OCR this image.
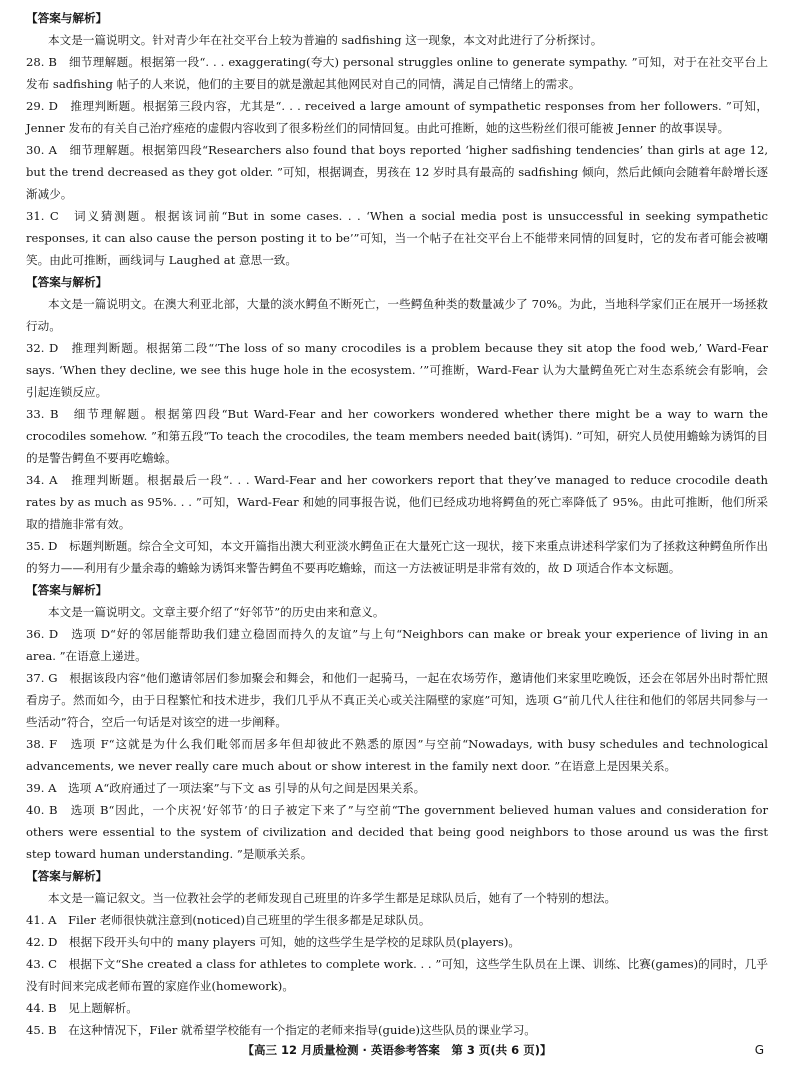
【答案与解析】

本文是一篇说明文。针对青少年在社交平台上较为普遍的 sadfishing 这一现象，本文对此进行了分析探讨。

28. B　细节理解题。根据第一段“. . . exaggerating(夸大) personal struggles online to generate sympathy. ”可知，对于在社交平台上发布 sadfishing 帖子的人来说，他们的主要目的就是激起其他网民对自己的同情，满足自己情绪上的需求。

29. D　推理判断题。根据第三段内容，尤其是“. . . received a large amount of sympathetic responses from her followers. ”可知，Jenner 发布的有关自己治疗痤疮的虚假内容收到了很多粉丝们的同情回复。由此可推断，她的这些粉丝们很可能被 Jenner 的故事误导。

30. A　细节理解题。根据第四段“Researchers also found that boys reported ‘higher sadfishing tendencies’ than girls at age 12, but the trend decreased as they got older. ”可知，根据调查，男孩在 12 岁时具有最高的 sadfishing 倾向，然后此倾向会随着年龄增长逐渐减少。

31. C　词义猜测题。根据该词前“But in some cases. . . ‘When a social media post is unsuccessful in seeking sympathetic responses, it can also cause the person posting it to be’”可知，当一个帖子在社交平台上不能带来同情的回复时，它的发布者可能会被嘲笑。由此可推断，画线词与 Laughed at 意思一致。

【答案与解析】

本文是一篇说明文。在澳大利亚北部，大量的淡水鳄鱼不断死亡，一些鳄鱼种类的数量减少了 70%。为此，当地科学家们正在展开一场拯救行动。

32. D　推理判断题。根据第二段“‘The loss of so many crocodiles is a problem because they sit atop the food web,’ Ward-Fear says. ‘When they decline, we see this huge hole in the ecosystem. ’”可推断，Ward-Fear 认为大量鳄鱼死亡对生态系统会有影响，会引起连锁反应。

33. B　细节理解题。根据第四段“But Ward-Fear and her coworkers wondered whether there might be a way to warn the crocodiles somehow. ”和第五段“To teach the crocodiles, the team members needed bait(诱饵). ”可知，研究人员使用蟾蜍为诱饵的目的是警告鳄鱼不要再吃蟾蜍。

34. A　推理判断题。根据最后一段“. . . Ward-Fear and her coworkers report that they’ve managed to reduce crocodile death rates by as much as 95%. . . ”可知，Ward-Fear 和她的同事报告说，他们已经成功地将鳄鱼的死亡率降低了 95%。由此可推断，他们所采取的措施非常有效。

35. D　标题判断题。综合全文可知，本文开篇指出澳大利亚淡水鳄鱼正在大量死亡这一现状，接下来重点讲述科学家们为了拯救这种鳄鱼所作出的努力——利用有少量余毒的蟾蜍为诱饵来警告鳄鱼不要再吃蟾蜍，而这一方法被证明是非常有效的，故 D 项适合作本文标题。

【答案与解析】

本文是一篇说明文。文章主要介绍了“好邻节”的历史由来和意义。

36. D　选项 D“好的邻居能帮助我们建立稳固而持久的友谊”与上句“Neighbors can make or break your experience of living in an area. ”在语意上递进。

37. G　根据该段内容“他们邀请邻居们参加聚会和舞会，和他们一起骑马，一起在农场劳作，邀请他们来家里吃晚饭，还会在邻居外出时帮忙照看房子。然而如今，由于日程繁忙和技术进步，我们几乎从不真正关心或关注隔壁的家庭”可知，选项 G“前几代人往往和他们的邻居共同参与一些活动”符合，空后一句话是对该空的进一步阐释。

38. F　选项 F“这就是为什么我们毗邻而居多年但却彼此不熟悉的原因”与空前“Nowadays, with busy schedules and technological advancements, we never really care much about or show interest in the family next door. ”在语意上是因果关系。

39. A　选项 A“政府通过了一项法案”与下文 as 引导的从句之间是因果关系。

40. B　选项 B“因此，一个庆祝‘好邻节’的日子被定下来了”与空前“The government believed human values and consideration for others were essential to the system of civilization and decided that being good neighbors to those around us was the first step toward human understanding. ”是顺承关系。

【答案与解析】

本文是一篇记叙文。当一位教社会学的老师发现自己班里的许多学生都是足球队员后，她有了一个特别的想法。

41. A　Filer 老师很快就注意到(noticed)自己班里的学生很多都是足球队员。

42. D　根据下段开头句中的 many players 可知，她的这些学生是学校的足球队员(players)。

43. C　根据下文“She created a class for athletes to complete work. . . ”可知，这些学生队员在上课、训练、比赛(games)的同时，几乎没有时间来完成老师布置的家庭作业(homework)。

44. B　见上题解析。

45. B　在这种情况下，Filer 就希望学校能有一个指定的老师来指导(guide)这些队员的课业学习。

【高三 12 月质量检测 · 英语参考答案　第 3 页(共 6 页)】	G
